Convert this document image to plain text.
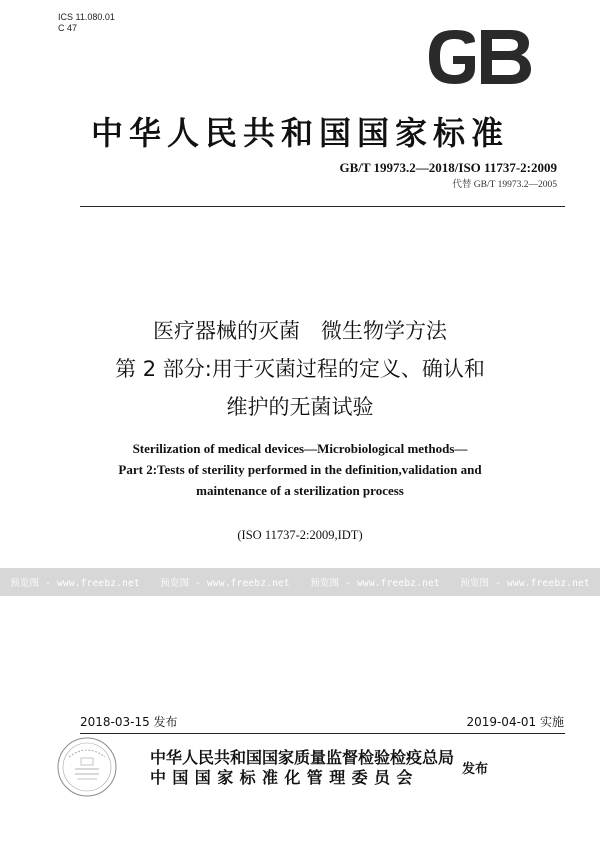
ICS 11.080.01
C 47
中华人民共和国国家标准
GB/T 19973.2—2018/ISO 11737-2:2009
代替 GB/T 19973.2—2005
医疗器械的灭菌　微生物学方法
第 2 部分:用于灭菌过程的定义、确认和
维护的无菌试验
Sterilization of medical devices—Microbiological methods—
Part 2:Tests of sterility performed in the definition,validation and
maintenance of a sterilization process
(ISO 11737-2:2009,IDT)
预览图 - www.freebz.net 预览图 - www.freebz.net 预览图 - www.freebz.net 预览图 - www.freebz.net
2018-03-15 发布	2019-04-01 实施
中华人民共和国国家质量监督检验检疫总局
中国国家标准化管理委员会	发布
